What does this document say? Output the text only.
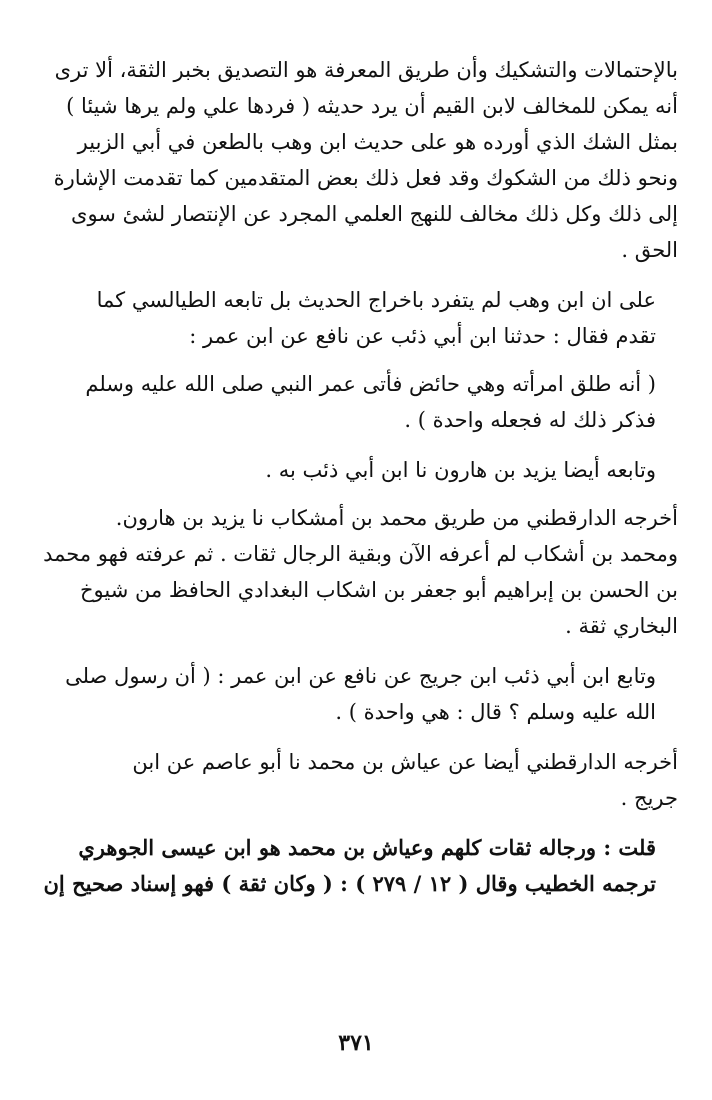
بالإحتمالات والتشكيك وأن طريق المعرفة هو التصديق بخبر الثقة، ألا ترى
أنه يمكن للمخالف لابن القيم أن يرد حديثه ( فردها علي ولم يرها شيئا )
بمثل الشك الذي أورده هو على حديث ابن وهب بالطعن في أبي الزبير
ونحو ذلك من الشكوك وقد فعل ذلك بعض المتقدمين كما تقدمت الإشارة
إلى ذلك وكل ذلك مخالف للنهج العلمي المجرد عن الإنتصار لشئ سوى
الحق .

على ان ابن وهب لم يتفرد باخراج الحديث بل تابعه الطيالسي كما
تقدم فقال : حدثنا ابن أبي ذئب عن نافع عن ابن عمر :

( أنه طلق امرأته وهي حائض فأتى عمر النبي صلى الله عليه وسلم
فذكر ذلك له فجعله واحدة ) .

وتابعه أيضا يزيد بن هارون نا ابن أبي ذئب به .

أخرجه الدارقطني من طريق محمد بن أمشكاب نا يزيد بن هارون.
ومحمد بن أشكاب لم أعرفه الآن وبقية الرجال ثقات . ثم عرفته فهو محمد
بن الحسن بن إبراهيم أبو جعفر بن اشكاب البغدادي الحافظ من شيوخ
البخاري ثقة .

وتابع ابن أبي ذئب ابن جريج عن نافع عن ابن عمر : ( أن رسول صلى
الله عليه وسلم ؟ قال : هي واحدة ) .

أخرجه الدارقطني أيضا عن عياش بن محمد نا أبو عاصم عن ابن
جريج .

قلت : ورجاله ثقات كلهم وعياش بن محمد هو ابن عيسى الجوهري
ترجمه الخطيب وقال ( ١٢ / ٢٧٩ ) : ( وكان ثقة ) فهو إسناد صحيح إن

٣٧١
